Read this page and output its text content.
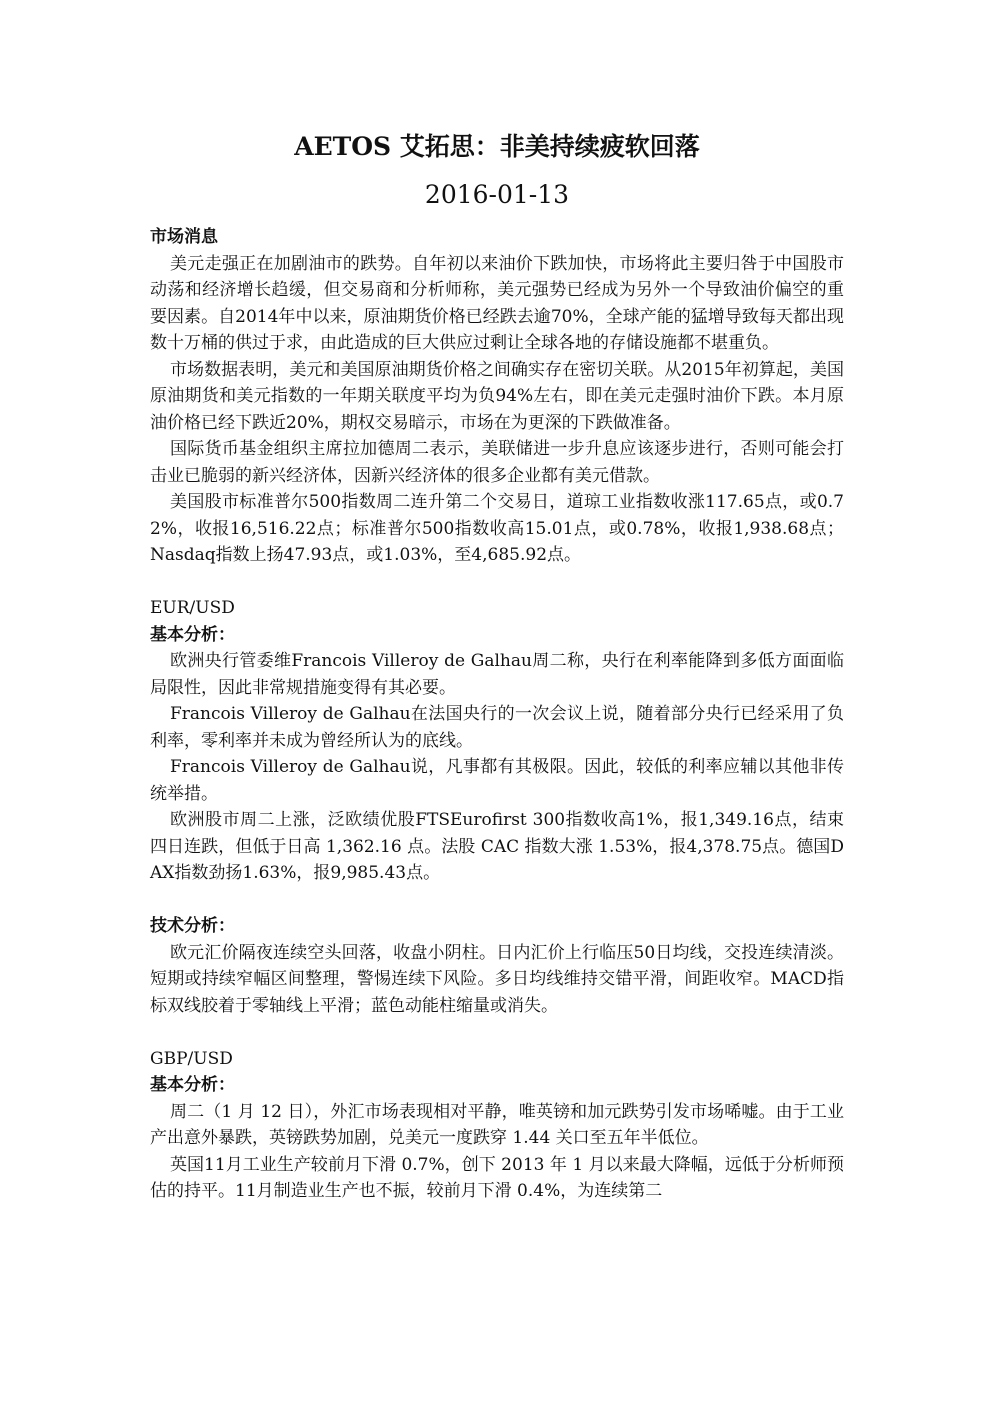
AETOS 艾拓思：非美持续疲软回落
2016-01-13
市场消息

美元走强正在加剧油市的跌势。自年初以来油价下跌加快，市场将此主要归咎于中国股市动荡和经济增长趋缓，但交易商和分析师称，美元强势已经成为另外一个导致油价偏空的重要因素。自2014年中以来，原油期货价格已经跌去逾70%，全球产能的猛增导致每天都出现数十万桶的供过于求，由此造成的巨大供应过剩让全球各地的存储设施都不堪重负。

市场数据表明，美元和美国原油期货价格之间确实存在密切关联。从2015年初算起，美国原油期货和美元指数的一年期关联度平均为负94%左右，即在美元走强时油价下跌。本月原油价格已经下跌近20%，期权交易暗示，市场在为更深的下跌做准备。

国际货币基金组织主席拉加德周二表示，美联储进一步升息应该逐步进行，否则可能会打击业已脆弱的新兴经济体，因新兴经济体的很多企业都有美元借款。

美国股市标准普尔500指数周二连升第二个交易日，道琼工业指数收涨117.65点，或0.72%，收报16,516.22点；标准普尔500指数收高15.01点，或0.78%，收报1,938.68点；Nasdaq指数上扬47.93点，或1.03%，至4,685.92点。

EUR/USD
基本分析：

欧洲央行管委维Francois Villeroy de Galhau周二称，央行在利率能降到多低方面面临局限性，因此非常规措施变得有其必要。

Francois Villeroy de Galhau在法国央行的一次会议上说，随着部分央行已经采用了负利率，零利率并未成为曾经所认为的底线。

Francois Villeroy de Galhau说，凡事都有其极限。因此，较低的利率应辅以其他非传统举措。

欧洲股市周二上涨，泛欧绩优股FTSEurofirst 300指数收高1%，报1,349.16点，结束四日连跌，但低于日高 1,362.16 点。法股 CAC 指数大涨 1.53%，报4,378.75点。德国DAX指数劲扬1.63%，报9,985.43点。

技术分析：

欧元汇价隔夜连续空头回落，收盘小阴柱。日内汇价上行临压50日均线，交投连续清淡。短期或持续窄幅区间整理，警惕连续下风险。多日均线维持交错平滑，间距收窄。MACD指标双线胶着于零轴线上平滑；蓝色动能柱缩量或消失。

GBP/USD
基本分析：

周二（1 月 12 日），外汇市场表现相对平静，唯英镑和加元跌势引发市场唏嘘。由于工业产出意外暴跌，英镑跌势加剧，兑美元一度跌穿 1.44 关口至五年半低位。

英国11月工业生产较前月下滑 0.7%，创下 2013 年 1 月以来最大降幅，远低于分析师预估的持平。11月制造业生产也不振，较前月下滑 0.4%，为连续第二
